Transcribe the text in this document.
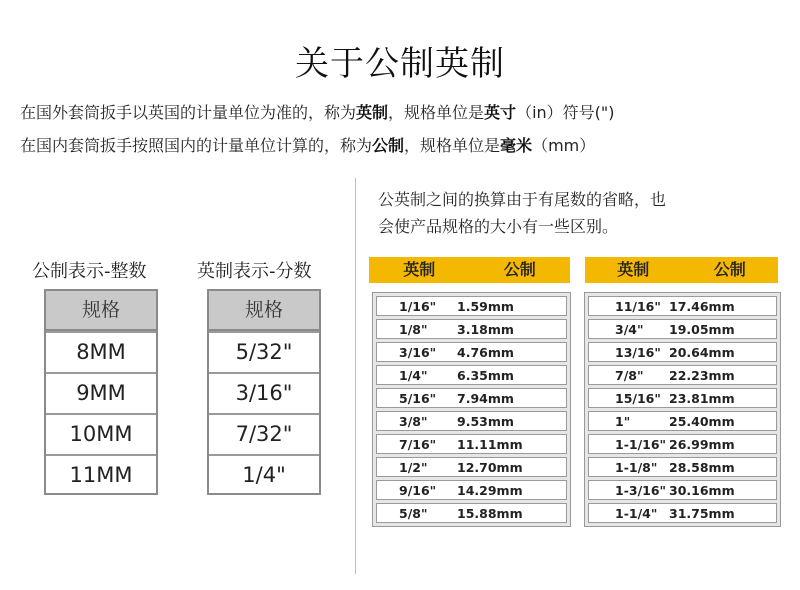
关于公制英制
在国外套筒扳手以英国的计量单位为准的，称为英制，规格单位是英寸（in）符号(")
在国内套筒扳手按照国内的计量单位计算的，称为公制，规格单位是毫米（mm）
公英制之间的换算由于有尾数的省略，也
会使产品规格的大小有一些区别。
公制表示-整数	英制表示-分数
规格
8MM
9MM
10MM
11MM
规格
5/32"
3/16"
7/32"
1/4"
英制	公制	英制	公制
1/16"	1.59mm
1/8"	3.18mm
3/16"	4.76mm
1/4"	6.35mm
5/16"	7.94mm
3/8"	9.53mm
7/16"	11.11mm
1/2"	12.70mm
9/16"	14.29mm
5/8"	15.88mm
11/16" 17.46mm
3/4"	19.05mm
13/16" 20.64mm
7/8"	22.23mm
15/16" 23.81mm
1"	25.40mm
1-1/16" 26.99mm
1-1/8" 28.58mm
1-3/16" 30.16mm
1-1/4" 31.75mm
